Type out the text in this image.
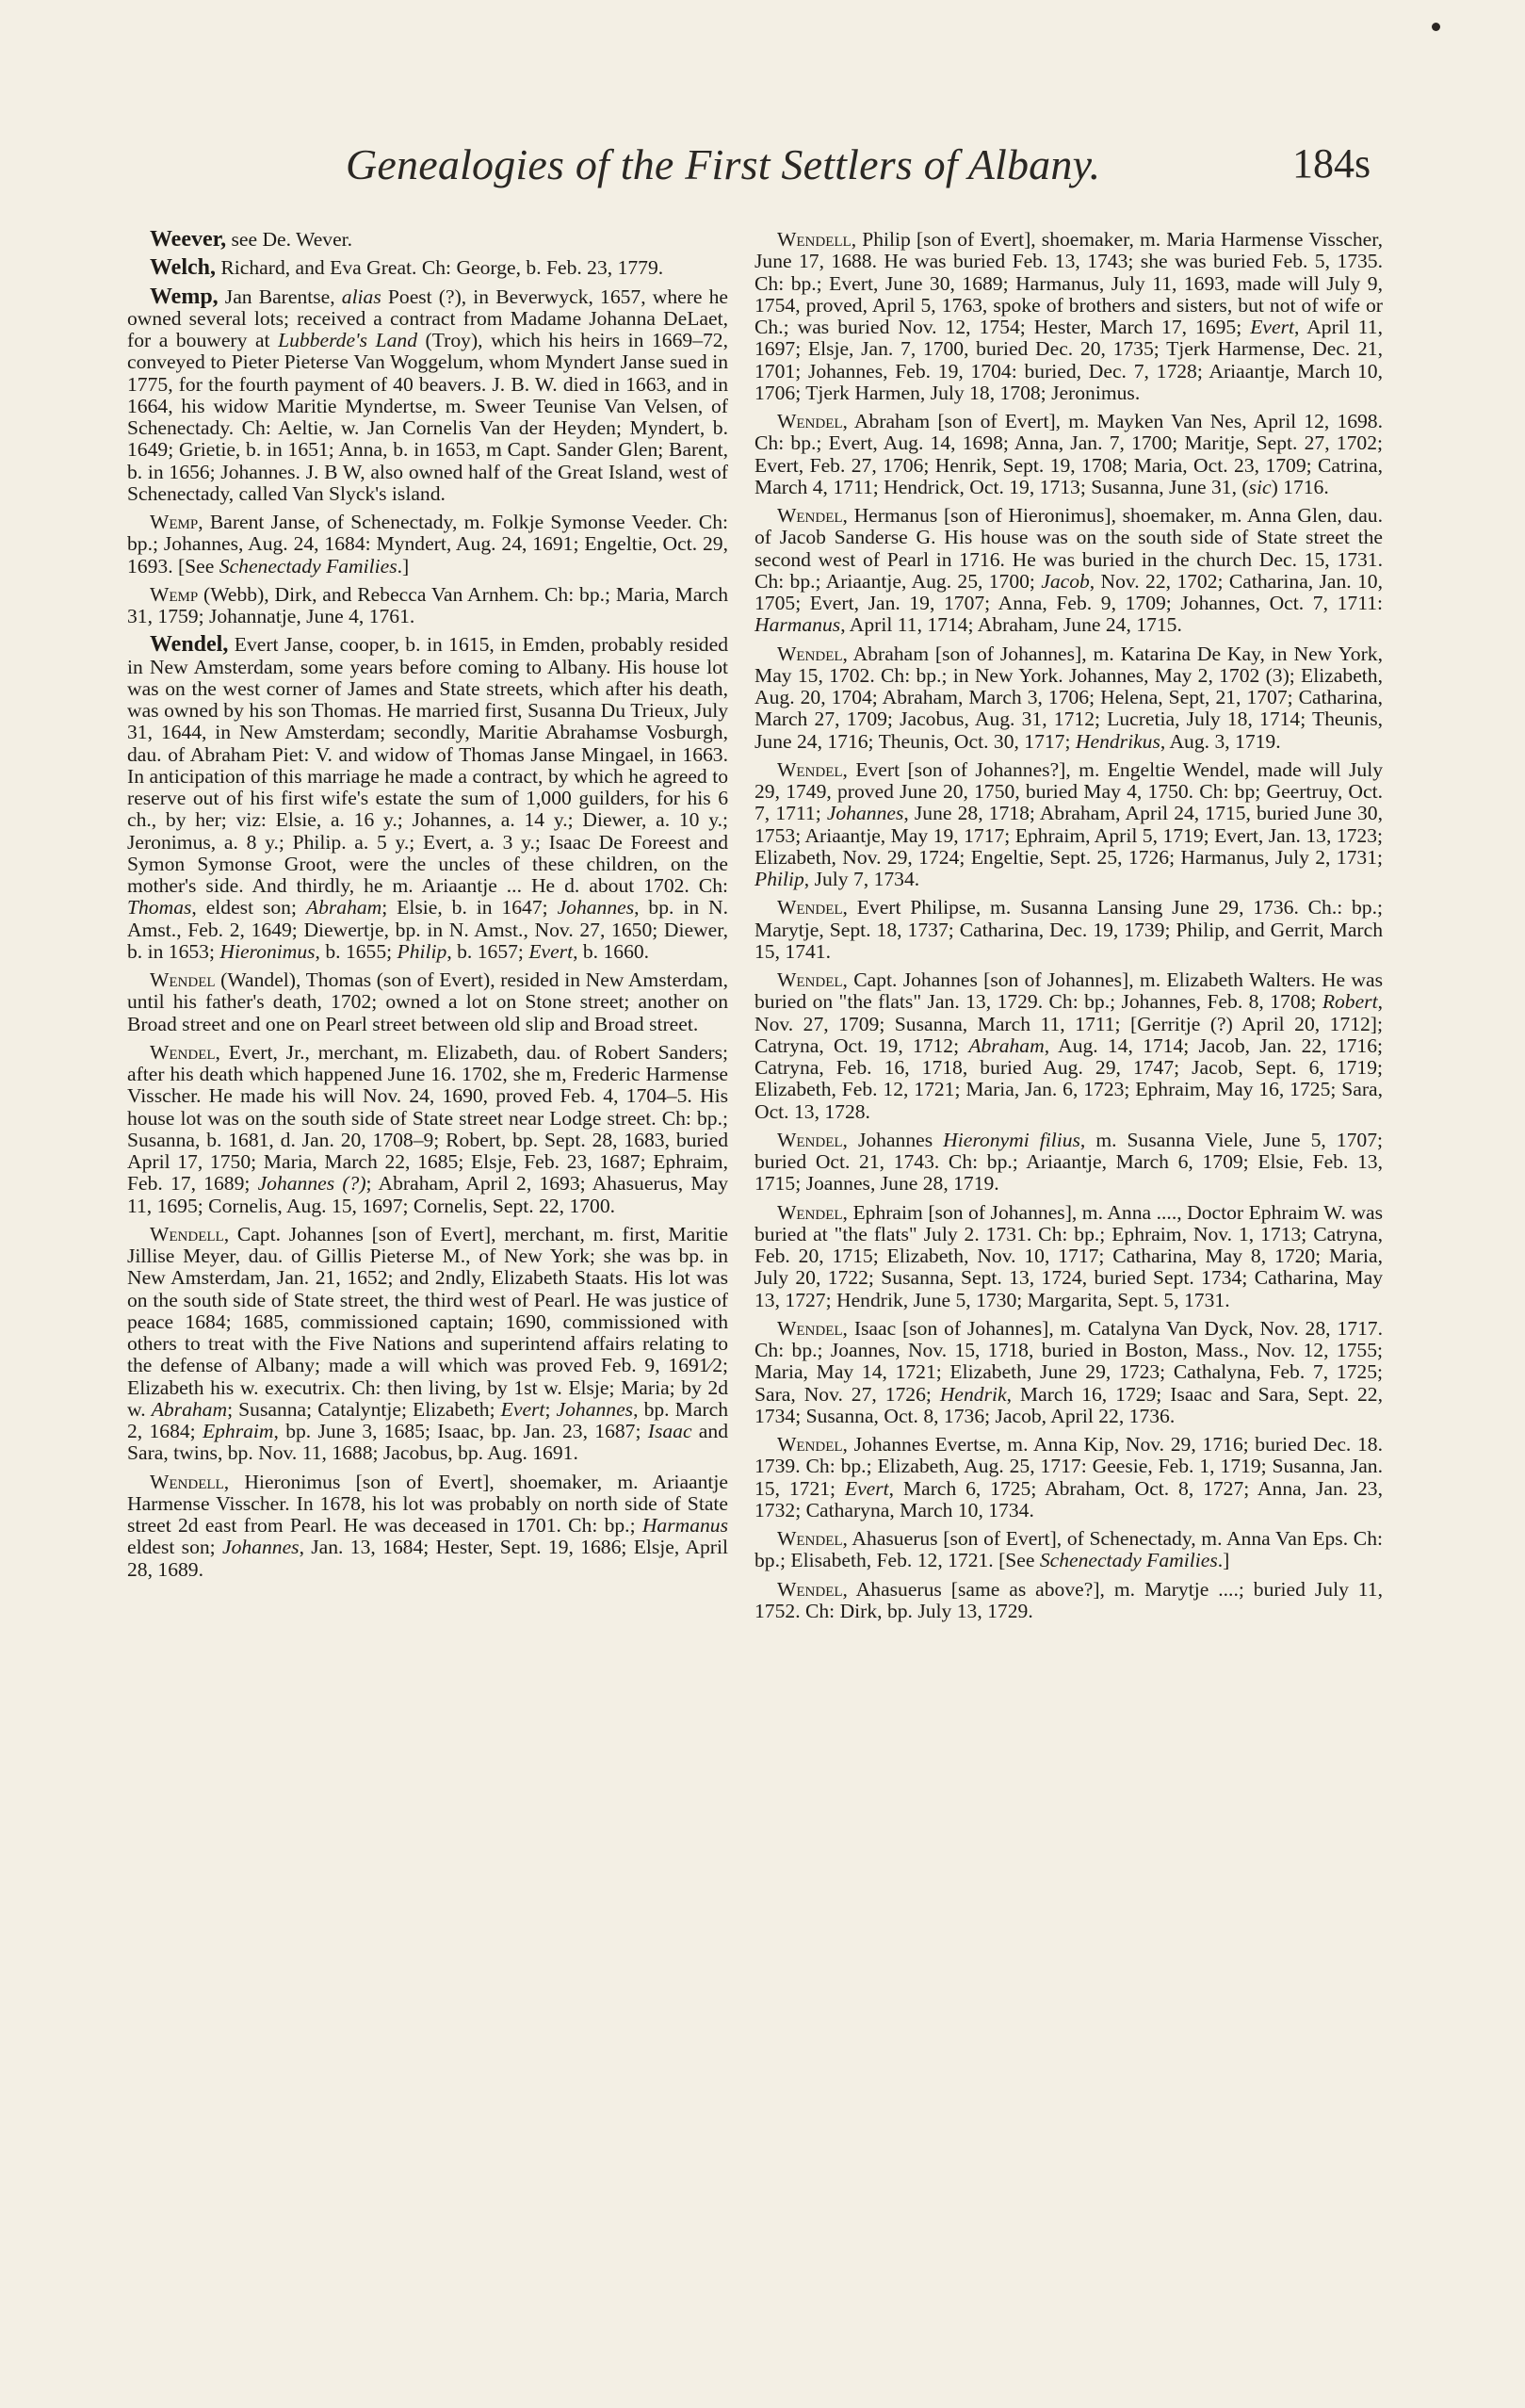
Genealogies of the First Settlers of Albany.	184s

Weever, see De. Wever.

Welch, Richard, and Eva Great. Ch: George, b. Feb. 23, 1779.

Wemp, Jan Barentse, alias Poest (?), in Beverwyck, 1657, where he owned several lots; received a contract from Madame Johanna DeLaet, for a bouwery at Lubberde's Land (Troy), which his heirs in 1669–72, conveyed to Pieter Pieterse Van Woggelum, whom Myndert Janse sued in 1775, for the fourth payment of 40 beavers. J. B. W. died in 1663, and in 1664, his widow Maritie Myndertse, m. Sweer Teunise Van Velsen, of Schenectady. Ch: Aeltie, w. Jan Cornelis Van der Heyden; Myndert, b. 1649; Grietie, b. in 1651; Anna, b. in 1653, m Capt. Sander Glen; Barent, b. in 1656; Johannes. J. B W, also owned half of the Great Island, west of Schenectady, called Van Slyck's island.

Wemp, Barent Janse, of Schenectady, m. Folkje Symonse Veeder. Ch: bp.; Johannes, Aug. 24, 1684: Myndert, Aug. 24, 1691; Engeltie, Oct. 29, 1693. [See Schenectady Families.]

Wemp (Webb), Dirk, and Rebecca Van Arnhem. Ch: bp.; Maria, March 31, 1759; Johannatje, June 4, 1761.

Wendel, Evert Janse, cooper, b. in 1615, in Emden, probably resided in New Amsterdam, some years before coming to Albany. His house lot was on the west corner of James and State streets, which after his death, was owned by his son Thomas. He married first, Susanna Du Trieux, July 31, 1644, in New Amsterdam; secondly, Maritie Abrahamse Vosburgh, dau. of Abraham Piet: V. and widow of Thomas Janse Mingael, in 1663. In anticipation of this marriage he made a contract, by which he agreed to reserve out of his first wife's estate the sum of 1,000 guilders, for his 6 ch., by her; viz: Elsie, a. 16 y.; Johannes, a. 14 y.; Diewer, a. 10 y.; Jeronimus, a. 8 y.; Philip. a. 5 y.; Evert, a. 3 y.; Isaac De Foreest and Symon Symonse Groot, were the uncles of these children, on the mother's side. And thirdly, he m. Ariaantje ... He d. about 1702. Ch: Thomas, eldest son; Abraham; Elsie, b. in 1647; Johannes, bp. in N. Amst., Feb. 2, 1649; Diewertje, bp. in N. Amst., Nov. 27, 1650; Diewer, b. in 1653; Hieronimus, b. 1655; Philip, b. 1657; Evert, b. 1660.

Wendel (Wandel), Thomas (son of Evert), resided in New Amsterdam, until his father's death, 1702; owned a lot on Stone street; another on Broad street and one on Pearl street between old slip and Broad street.

Wendel, Evert, Jr., merchant, m. Elizabeth, dau. of Robert Sanders; after his death which happened June 16. 1702, she m, Frederic Harmense Visscher. He made his will Nov. 24, 1690, proved Feb. 4, 1704–5. His house lot was on the south side of State street near Lodge street. Ch: bp.; Susanna, b. 1681, d. Jan. 20, 1708–9; Robert, bp. Sept. 28, 1683, buried April 17, 1750; Maria, March 22, 1685; Elsje, Feb. 23, 1687; Ephraim, Feb. 17, 1689; Johannes (?); Abraham, April 2, 1693; Ahasuerus, May 11, 1695; Cornelis, Aug. 15, 1697; Cornelis, Sept. 22, 1700.

Wendell, Capt. Johannes [son of Evert], merchant, m. first, Maritie Jillise Meyer, dau. of Gillis Pieterse M., of New York; she was bp. in New Amsterdam, Jan. 21, 1652; and 2ndly, Elizabeth Staats. His lot was on the south side of State street, the third west of Pearl. He was justice of peace 1684; 1685, commissioned captain; 1690, commissioned with others to treat with the Five Nations and superintend affairs relating to the defense of Albany; made a will which was proved Feb. 9, 1691⁄2; Elizabeth his w. executrix. Ch: then living, by 1st w. Elsje; Maria; by 2d w. Abraham; Susanna; Catalyntje; Elizabeth; Evert; Johannes, bp. March 2, 1684; Ephraim, bp. June 3, 1685; Isaac, bp. Jan. 23, 1687; Isaac and Sara, twins, bp. Nov. 11, 1688; Jacobus, bp. Aug. 1691.

Wendell, Hieronimus [son of Evert], shoemaker, m. Ariaantje Harmense Visscher. In 1678, his lot was probably on north side of State street 2d east from Pearl. He was deceased in 1701. Ch: bp.; Harmanus eldest son; Johannes, Jan. 13, 1684; Hester, Sept. 19, 1686; Elsje, April 28, 1689.

Wendell, Philip [son of Evert], shoemaker, m. Maria Harmense Visscher, June 17, 1688. He was buried Feb. 13, 1743; she was buried Feb. 5, 1735. Ch: bp.; Evert, June 30, 1689; Harmanus, July 11, 1693, made will July 9, 1754, proved, April 5, 1763, spoke of brothers and sisters, but not of wife or Ch.; was buried Nov. 12, 1754; Hester, March 17, 1695; Evert, April 11, 1697; Elsje, Jan. 7, 1700, buried Dec. 20, 1735; Tjerk Harmense, Dec. 21, 1701; Johannes, Feb. 19, 1704: buried, Dec. 7, 1728; Ariaantje, March 10, 1706; Tjerk Harmen, July 18, 1708; Jeronimus.

Wendel, Abraham [son of Evert], m. Mayken Van Nes, April 12, 1698. Ch: bp.; Evert, Aug. 14, 1698; Anna, Jan. 7, 1700; Maritje, Sept. 27, 1702; Evert, Feb. 27, 1706; Henrik, Sept. 19, 1708; Maria, Oct. 23, 1709; Catrina, March 4, 1711; Hendrick, Oct. 19, 1713; Susanna, June 31, (sic) 1716.

Wendel, Hermanus [son of Hieronimus], shoemaker, m. Anna Glen, dau. of Jacob Sanderse G. His house was on the south side of State street the second west of Pearl in 1716. He was buried in the church Dec. 15, 1731. Ch: bp.; Ariaantje, Aug. 25, 1700; Jacob, Nov. 22, 1702; Catharina, Jan. 10, 1705; Evert, Jan. 19, 1707; Anna, Feb. 9, 1709; Johannes, Oct. 7, 1711: Harmanus, April 11, 1714; Abraham, June 24, 1715.

Wendel, Abraham [son of Johannes], m. Katarina De Kay, in New York, May 15, 1702. Ch: bp.; in New York. Johannes, May 2, 1702 (3); Elizabeth, Aug. 20, 1704; Abraham, March 3, 1706; Helena, Sept, 21, 1707; Catharina, March 27, 1709; Jacobus, Aug. 31, 1712; Lucretia, July 18, 1714; Theunis, June 24, 1716; Theunis, Oct. 30, 1717; Hendrikus, Aug. 3, 1719.

Wendel, Evert [son of Johannes?], m. Engeltie Wendel, made will July 29, 1749, proved June 20, 1750, buried May 4, 1750. Ch: bp; Geertruy, Oct. 7, 1711; Johannes, June 28, 1718; Abraham, April 24, 1715, buried June 30, 1753; Ariaantje, May 19, 1717; Ephraim, April 5, 1719; Evert, Jan. 13, 1723; Elizabeth, Nov. 29, 1724; Engeltie, Sept. 25, 1726; Harmanus, July 2, 1731; Philip, July 7, 1734.

Wendel, Evert Philipse, m. Susanna Lansing June 29, 1736. Ch.: bp.; Marytje, Sept. 18, 1737; Catharina, Dec. 19, 1739; Philip, and Gerrit, March 15, 1741.

Wendel, Capt. Johannes [son of Johannes], m. Elizabeth Walters. He was buried on "the flats" Jan. 13, 1729. Ch: bp.; Johannes, Feb. 8, 1708; Robert, Nov. 27, 1709; Susanna, March 11, 1711; [Gerritje (?) April 20, 1712]; Catryna, Oct. 19, 1712; Abraham, Aug. 14, 1714; Jacob, Jan. 22, 1716; Catryna, Feb. 16, 1718, buried Aug. 29, 1747; Jacob, Sept. 6, 1719; Elizabeth, Feb. 12, 1721; Maria, Jan. 6, 1723; Ephraim, May 16, 1725; Sara, Oct. 13, 1728.

Wendel, Johannes Hieronymi filius, m. Susanna Viele, June 5, 1707; buried Oct. 21, 1743. Ch: bp.; Ariaantje, March 6, 1709; Elsie, Feb. 13, 1715; Joannes, June 28, 1719.

Wendel, Ephraim [son of Johannes], m. Anna ...., Doctor Ephraim W. was buried at "the flats" July 2. 1731. Ch: bp.; Ephraim, Nov. 1, 1713; Catryna, Feb. 20, 1715; Elizabeth, Nov. 10, 1717; Catharina, May 8, 1720; Maria, July 20, 1722; Susanna, Sept. 13, 1724, buried Sept. 1734; Catharina, May 13, 1727; Hendrik, June 5, 1730; Margarita, Sept. 5, 1731.

Wendel, Isaac [son of Johannes], m. Catalyna Van Dyck, Nov. 28, 1717. Ch: bp.; Joannes, Nov. 15, 1718, buried in Boston, Mass., Nov. 12, 1755; Maria, May 14, 1721; Elizabeth, June 29, 1723; Cathalyna, Feb. 7, 1725; Sara, Nov. 27, 1726; Hendrik, March 16, 1729; Isaac and Sara, Sept. 22, 1734; Susanna, Oct. 8, 1736; Jacob, April 22, 1736.

Wendel, Johannes Evertse, m. Anna Kip, Nov. 29, 1716; buried Dec. 18. 1739. Ch: bp.; Elizabeth, Aug. 25, 1717: Geesie, Feb. 1, 1719; Susanna, Jan. 15, 1721; Evert, March 6, 1725; Abraham, Oct. 8, 1727; Anna, Jan. 23, 1732; Catharyna, March 10, 1734.

Wendel, Ahasuerus [son of Evert], of Schenectady, m. Anna Van Eps. Ch: bp.; Elisabeth, Feb. 12, 1721. [See Schenectady Families.]

Wendel, Ahasuerus [same as above?], m. Marytje ....; buried July 11, 1752. Ch: Dirk, bp. July 13, 1729.
